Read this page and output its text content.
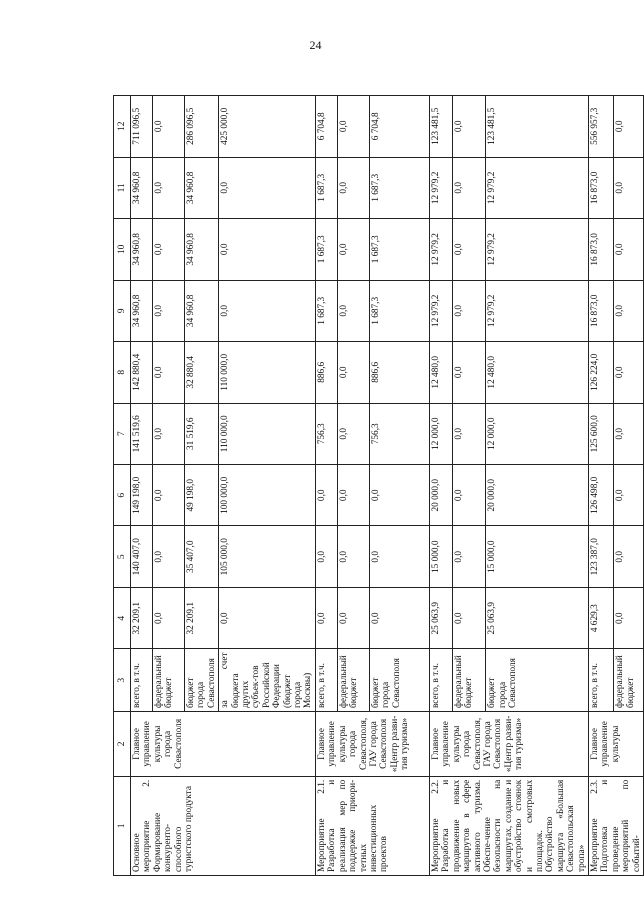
24
1	2	3	4	5	6	7	8	9	10	11	12
Основное мероприятие 2. Формирование конкуренто-способного туристского продукта	Главное управление культуры города Севастополя	всего, в т.ч.	32 209,1	140 407,0	149 198,0	141 519,6	142 880,4	34 960,8	34 960,8	34 960,8	711 096,5
		федеральный бюджет	0,0	0,0	0,0	0,0	0,0	0,0	0,0	0,0	0,0
		бюджет города Севастополя	32 209,1	35 407,0	49 198,0	31 519,6	32 880,4	34 960,8	34 960,8	34 960,8	286 096,5
		за счет бюджета других субъек-тов Российской Федерации (бюджет города Москвы)	0,0	105 000,0	100 000,0	110 000,0	110 000,0	0,0	0,0	0,0	425 000,0
Мероприятие 2.1. Разработка и реализация мер по поддержке приори-тетных инвестиционных проектов	Главное управление культуры города Севастополя, ГАУ города Севастополя «Центр разви-тия туризма»	всего, в т.ч.	0,0	0,0	0,0	756,3	886,6	1 687,3	1 687,3	1 687,3	6 704,8
		федеральный бюджет	0,0	0,0	0,0	0,0	0,0	0,0	0,0	0,0	0,0
		бюджет города Севастополя	0,0	0,0	0,0	756,3	886,6	1 687,3	1 687,3	1 687,3	6 704,8
Мероприятие 2.2. Разработка и продвижение новых маршрутов в сфере активного туризма. Обеспе-чение безопасности на маршрутах, создание и обустройство стоянок и смотровых площадок. Обустройство маршрута «Большая Севастопольская тропа»	Главное управление культуры города Севастополя, ГАУ города Севастополя «Центр разви-тия туризма»	всего, в т.ч.	25 063,9	15 000,0	20 000,0	12 000,0	12 480,0	12 979,2	12 979,2	12 979,2	123 481,5
		федеральный бюджет	0,0	0,0	0,0	0,0	0,0	0,0	0,0	0,0	0,0
		бюджет города Севастополя	25 063,9	15 000,0	20 000,0	12 000,0	12 480,0	12 979,2	12 979,2	12 979,2	123 481,5
Мероприятие 2.3. Подготовка и проведение мероприятий по событий-	Главное управление культуры	всего, в т.ч.	4 629,3	123 387,0	126 498,0	125 600,0	126 224,0	16 873,0	16 873,0	16 873,0	556 957,3
		федеральный бюджет	0,0	0,0	0,0	0,0	0,0	0,0	0,0	0,0	0,0
